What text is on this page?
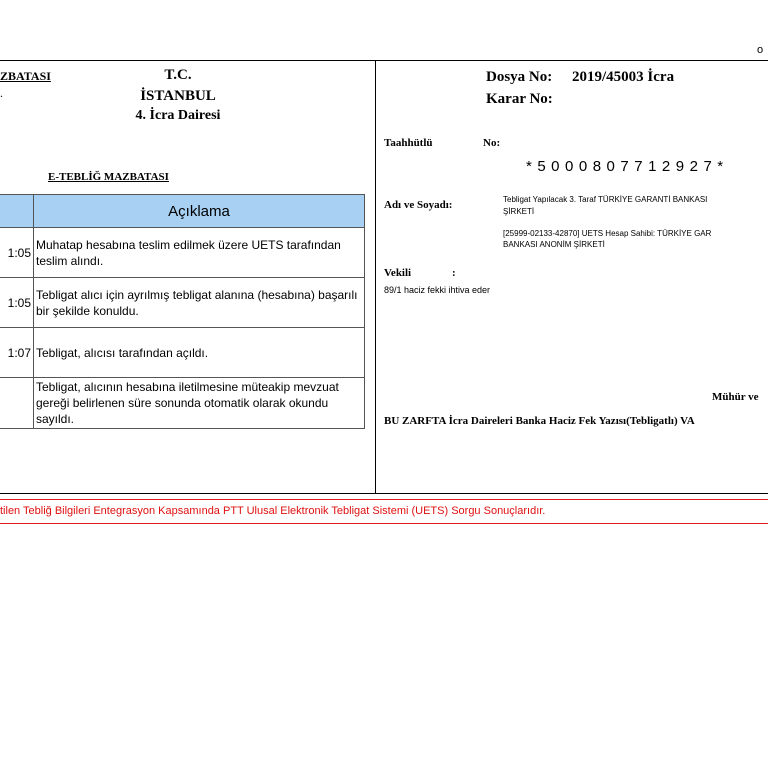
o
ZBATASI
.
T.C.
İSTANBUL
4. İcra Dairesi
E-TEBLİĞ MAZBATASI
	Açıklama
1:05	Muhatap hesabına teslim edilmek üzere UETS tarafından teslim alındı.
1:05	Tebligat alıcı için ayrılmış tebligat alanına (hesabına) başarılı bir şekilde konuldu.
1:07	Tebligat, alıcısı tarafından açıldı.
	Tebligat, alıcının hesabına iletilmesine müteakip mevzuat gereği belirlenen süre sonunda otomatik olarak okundu sayıldı.
Dosya No: 2019/45003 İcra
Karar No:
Taahhütlü	No:
*5000807712927*
Adı ve Soyadı:	Tebligat Yapılacak 3. Taraf TÜRKİYE GARANTİ BANKASI
ŞİRKETİ
[25999-02133-42870] UETS Hesap Sahibi: TÜRKİYE GAR
BANKASI ANONİM ŞİRKETİ
Vekili	:
89/1 haciz fekki ihtiva eder
Mühür ve
BU ZARFTA İcra Daireleri Banka Haciz Fek Yazısı(Tebligatlı) VA
tilen Tebliğ Bilgileri Entegrasyon Kapsamında PTT Ulusal Elektronik Tebligat Sistemi (UETS) Sorgu Sonuçlarıdır.
